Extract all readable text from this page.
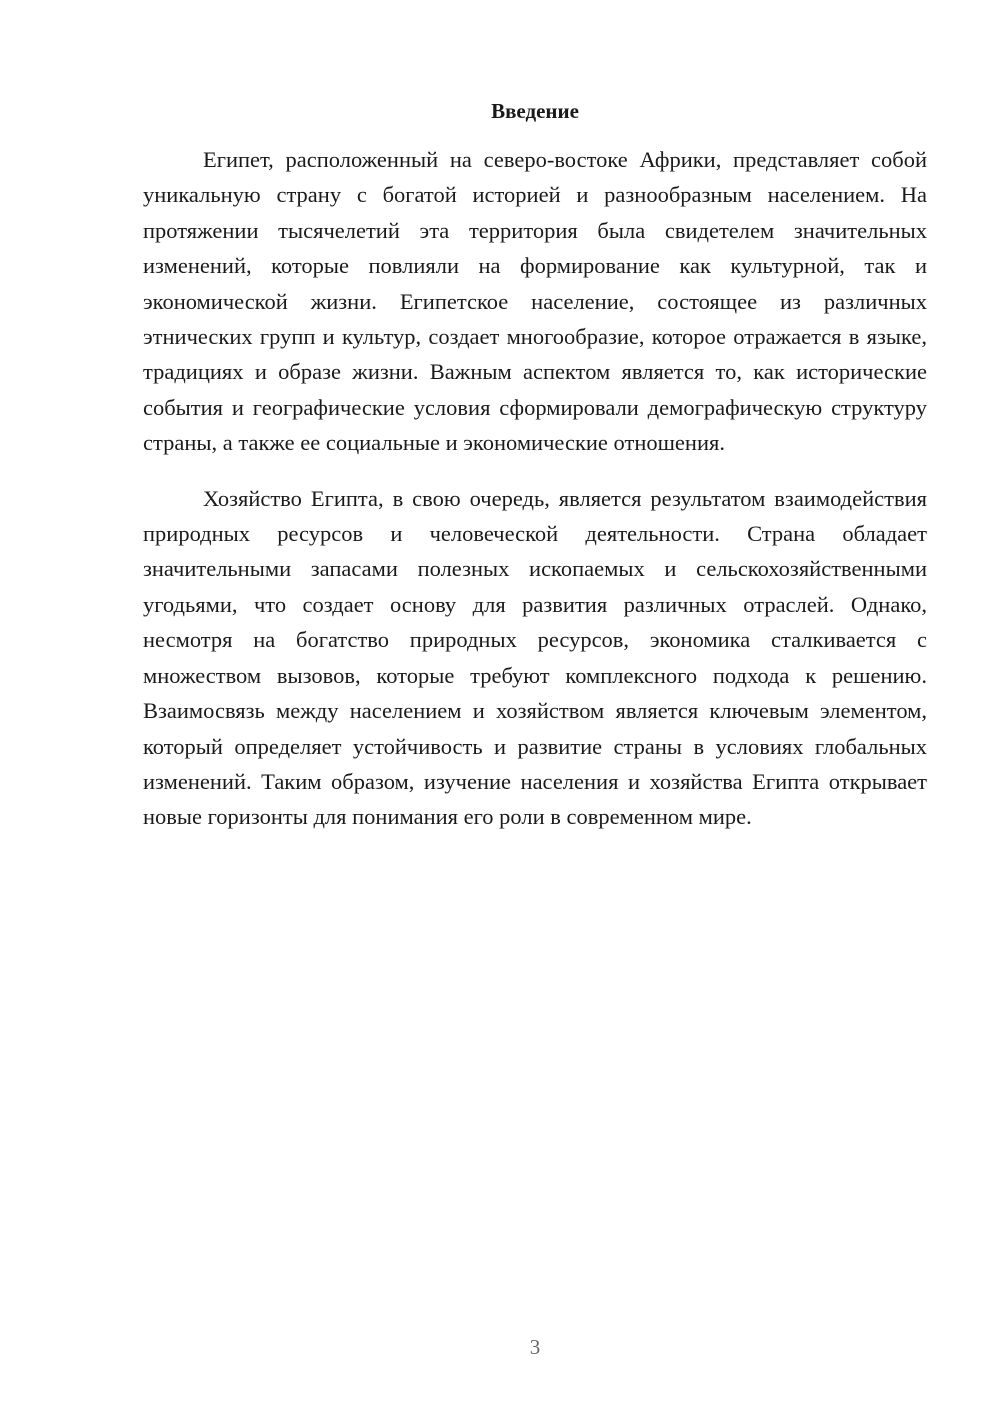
Введение

Египет, расположенный на северо-востоке Африки, представляет собой уникальную страну с богатой историей и разнообразным населением. На протяжении тысячелетий эта территория была свидетелем значительных изменений, которые повлияли на формирование как культурной, так и экономической жизни. Египетское население, состоящее из различных этнических групп и культур, создает многообразие, которое отражается в языке, традициях и образе жизни. Важным аспектом является то, как исторические события и географические условия сформировали демографическую структуру страны, а также ее социальные и экономические отношения.

Хозяйство Египта, в свою очередь, является результатом взаимодействия природных ресурсов и человеческой деятельности. Страна обладает значительными запасами полезных ископаемых и сельскохозяйственными угодьями, что создает основу для развития различных отраслей. Однако, несмотря на богатство природных ресурсов, экономика сталкивается с множеством вызовов, которые требуют комплексного подхода к решению. Взаимосвязь между населением и хозяйством является ключевым элементом, который определяет устойчивость и развитие страны в условиях глобальных изменений. Таким образом, изучение населения и хозяйства Египта открывает новые горизонты для понимания его роли в современном мире.

3
